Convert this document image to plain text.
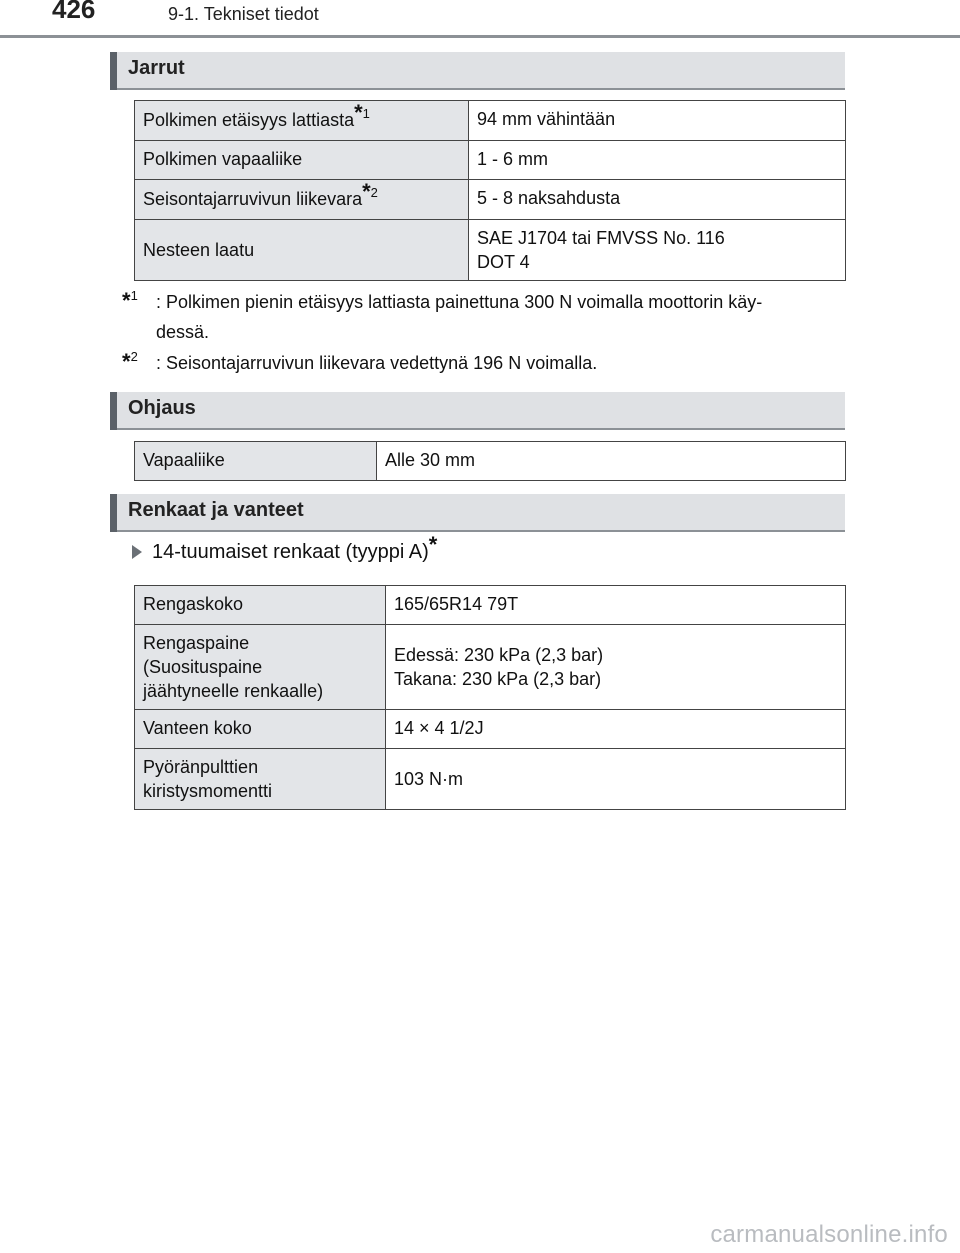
426	9-1. Tekniset tiedot
Jarrut
Polkimen etäisyys lattiasta$^{*1}$	94 mm vähintään
Polkimen vapaaliike	1 - 6 mm
Seisontajarruvivun liikevara$^{*2}$	5 - 8 naksahdusta
Nesteen laatu	SAE J1704 tai FMVSS No. 116
DOT 4
*$^1$ : Polkimen pienin etäisyys lattiasta painettuna 300 N voimalla moottorin käy-
dessä.
*$^2$ : Seisontajarruvivun liikevara vedettynä 196 N voimalla.
Ohjaus
Vapaaliike	Alle 30 mm
Renkaat ja vanteet
14-tuumaiset renkaat (tyyppi A)*
Rengaskoko	165/65R14 79T
Rengaspaine
(Suosituspaine
jäähtyneelle renkaalle)	Edessä: 230 kPa (2,3 bar)
Takana: 230 kPa (2,3 bar)
Vanteen koko	14 × 4 1/2J
Pyöränpulttien
kiristysmomentti	103 N·m
carmanualsonline.info
